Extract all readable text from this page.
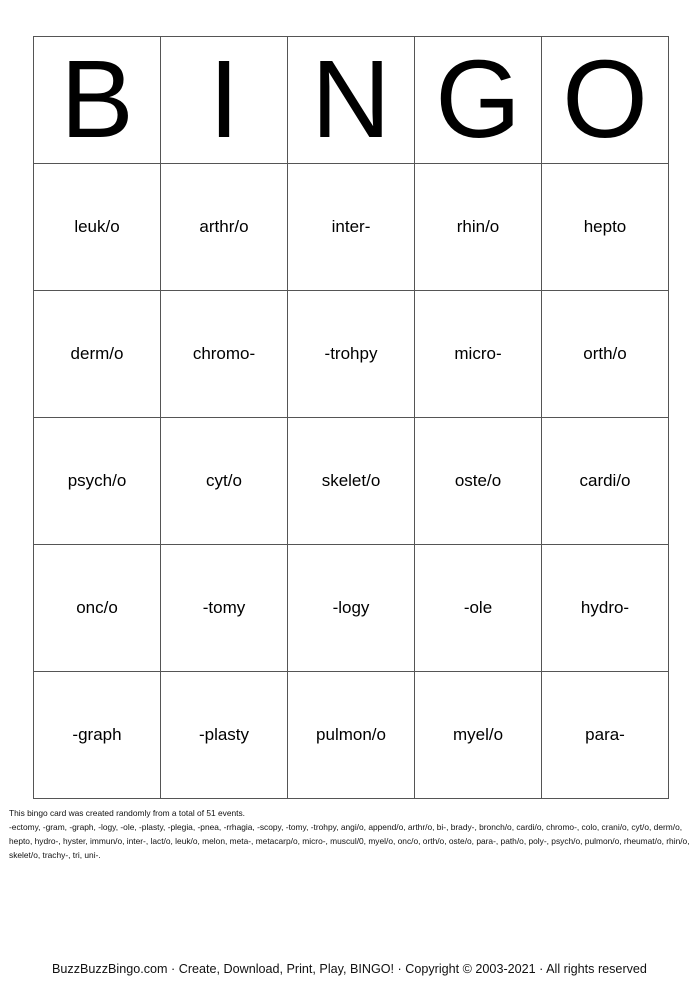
B	I	N	G	O
leuk/o	arthr/o	inter-	rhin/o	hepto
derm/o	chromo-	-trohpy	micro-	orth/o
psych/o	cyt/o	skelet/o	oste/o	cardi/o
onc/o	-tomy	-logy	-ole	hydro-
-graph	-plasty	pulmon/o	myel/o	para-
This bingo card was created randomly from a total of 51 events.
-ectomy, -gram, -graph, -logy, -ole, -plasty, -plegia, -pnea, -rrhagia, -scopy, -tomy, -trohpy, angi/o, append/o, arthr/o, bi-, brady-, bronch/o, cardi/o, chromo-, colo, crani/o, cyt/o, derm/o, hepto, hydro-, hyster, immun/o, inter-, lact/o, leuk/o, melon, meta-, metacarp/o, micro-, muscul/0, myel/o, onc/o, orth/o, oste/o, para-, path/o, poly-, psych/o, pulmon/o, rheumat/o, rhin/o, skelet/o, trachy-, tri, uni-.
BuzzBuzzBingo.com · Create, Download, Print, Play, BINGO! · Copyright © 2003-2021 · All rights reserved
